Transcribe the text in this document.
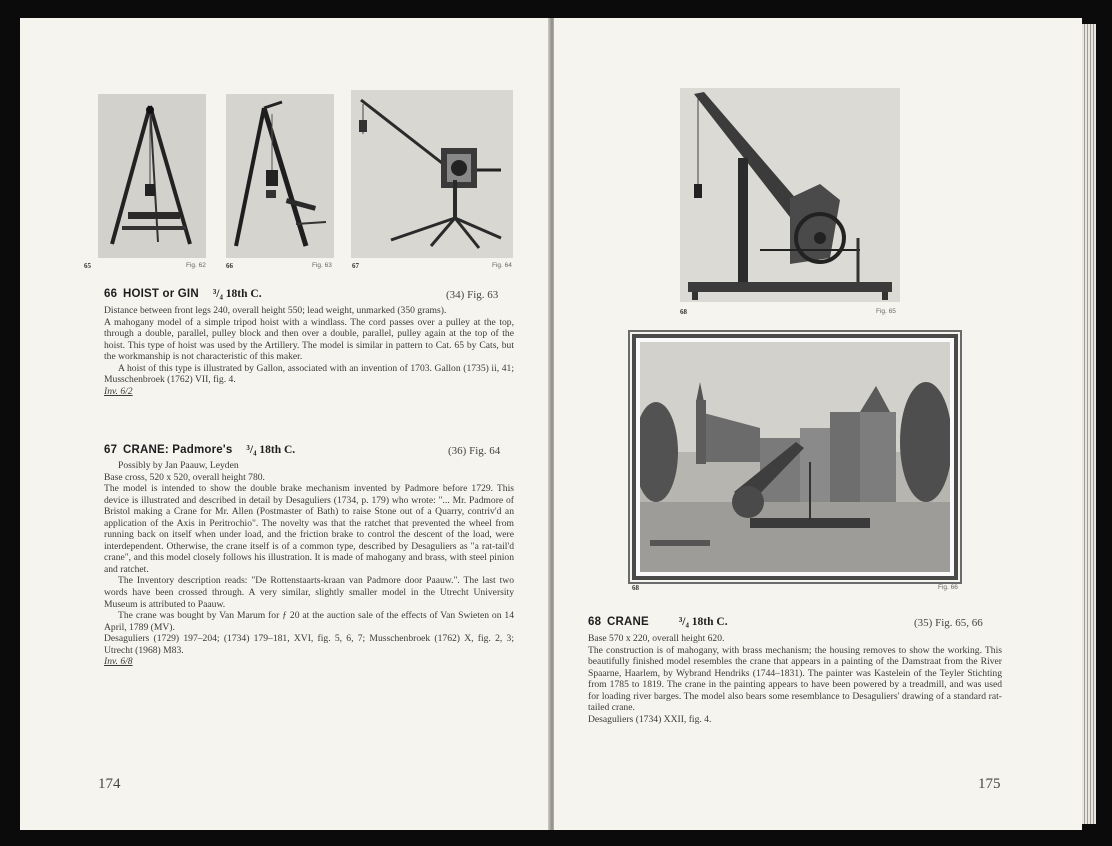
65	Fig. 62	66	Fig. 63	67	Fig. 64
66 HOIST or GIN ³/₄ 18th C.	(34) Fig. 63

Distance between front legs 240, overall height 550; lead weight, unmarked (350 grams).

A mahogany model of a simple tripod hoist with a windlass. The cord passes over a pulley at the top, through a double, parallel, pulley block and then over a double, parallel, pulley again at the top of the hoist. This type of hoist was used by the Artillery. The model is similar in pattern to Cat. 65 by Cats, but the workmanship is not characteristic of this maker.

A hoist of this type is illustrated by Gallon, associated with an invention of 1703. Gallon (1735) ii, 41; Musschenbroek (1762) VII, fig. 4.

Inv. 6/2

67 CRANE: Padmore's ³/₄ 18th C.	(36) Fig. 64

Possibly by Jan Paauw, Leyden

Base cross, 520 x 520, overall height 780.

The model is intended to show the double brake mechanism invented by Padmore before 1729. This device is illustrated and described in detail by Desaguliers (1734, p. 179) who wrote: "... Mr. Padmore of Bristol making a Crane for Mr. Allen (Postmaster of Bath) to raise Stone out of a Quarry, contriv'd an application of the Axis in Peritrochio". The novelty was that the ratchet that prevented the wheel from running back on itself when under load, and the friction brake to control the descent of the load, were interdependent. Otherwise, the crane itself is of a common type, described by Desaguliers as "a rat-tail'd crane", and this model closely follows his illustration. It is made of mahogany and brass, with steel pinion and ratchet.

The Inventory description reads: "De Rottenstaarts-kraan van Padmore door Paauw.". The last two words have been crossed through. A very similar, slightly smaller model in the Utrecht University Museum is attributed to Paauw.

The crane was bought by Van Marum for ƒ 20 at the auction sale of the effects of Van Swieten on 14 April, 1789 (MV).

Desaguliers (1729) 197–204; (1734) 179–181, XVI, fig. 5, 6, 7; Musschenbroek (1762) X, fig. 2, 3; Utrecht (1968) M83.

Inv. 6/8

174
68	Fig. 65
68	Fig. 66
68 CRANE	³/₄ 18th C.	(35) Fig. 65, 66

Base 570 x 220, overall height 620.

The construction is of mahogany, with brass mechanism; the housing removes to show the working. This beautifully finished model resembles the crane that appears in a painting of the Damstraat from the River Spaarne, Haarlem, by Wybrand Hendriks (1744–1831). The painter was Kastelein of the Teyler Stichting from 1785 to 1819. The crane in the painting appears to have been powered by a treadmill, and was used for loading river barges. The model also bears some resemblance to Desaguliers' drawing of a standard rat-tailed crane.

Desaguliers (1734) XXII, fig. 4.

175
